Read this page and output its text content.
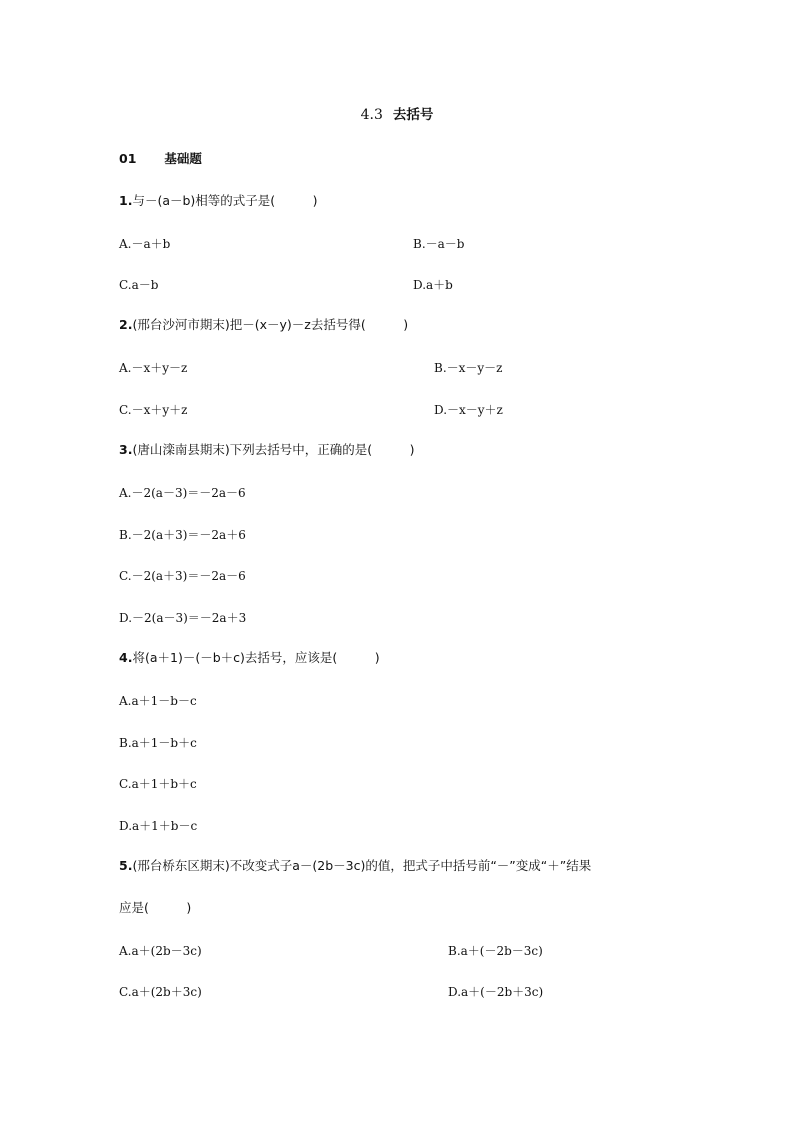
4.3 去括号
01 基础题
1.与－(a－b)相等的式子是(　　　)
A.－a＋b	B.－a－b
C.a－b	D.a＋b
2.(邢台沙河市期末)把－(x－y)－z去括号得(　　　)
A.－x＋y－z	B.－x－y－z
C.－x＋y＋z	D.－x－y＋z
3.(唐山滦南县期末)下列去括号中，正确的是(　　　)
A.－2(a－3)＝－2a－6
B.－2(a＋3)＝－2a＋6
C.－2(a＋3)＝－2a－6
D.－2(a－3)＝－2a＋3
4.将(a＋1)－(－b＋c)去括号，应该是(　　　)
A.a＋1－b－c
B.a＋1－b＋c
C.a＋1＋b＋c
D.a＋1＋b－c
5.(邢台桥东区期末)不改变式子a－(2b－3c)的值，把式子中括号前“－”变成“＋”结果
应是(　　　)
A.a＋(2b－3c)	B.a＋(－2b－3c)
C.a＋(2b＋3c)	D.a＋(－2b＋3c)
